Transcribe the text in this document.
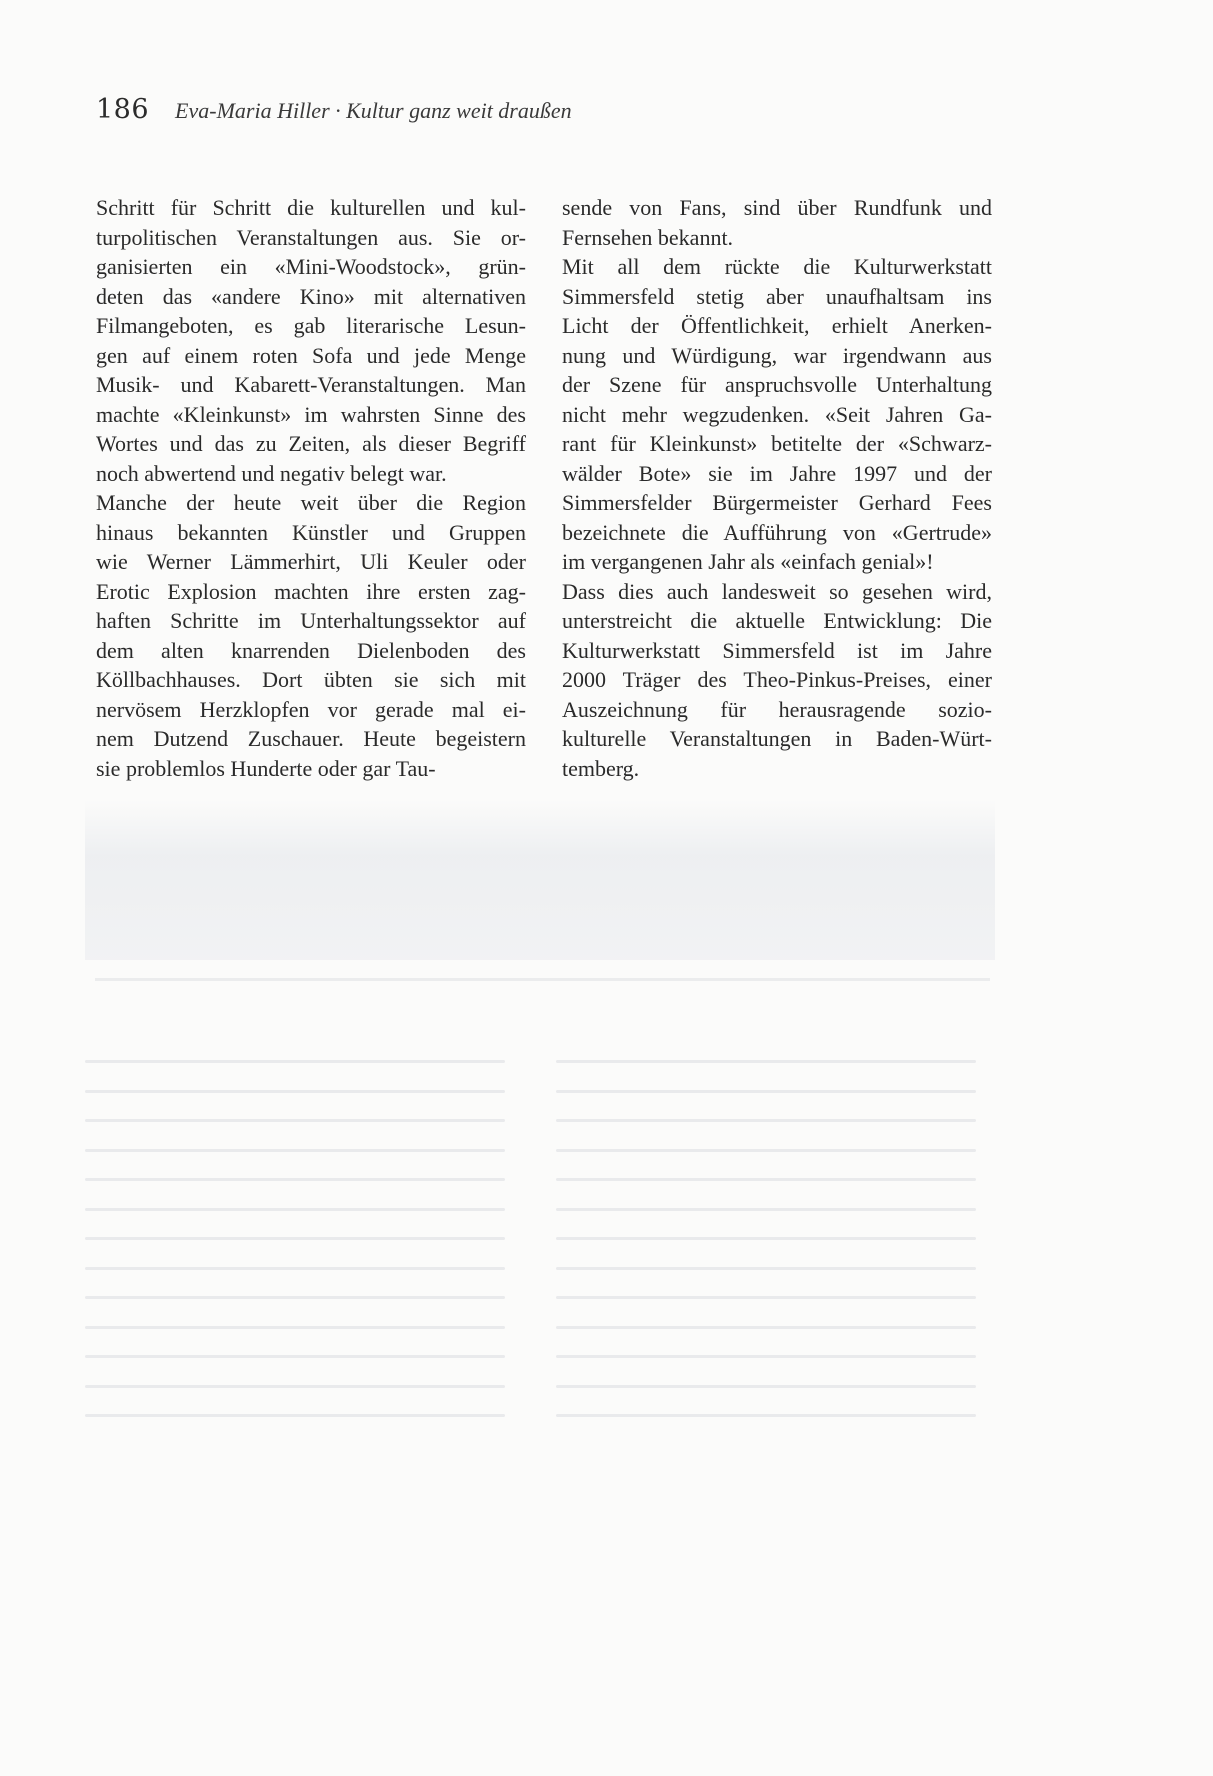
186 Eva-Maria Hiller · Kultur ganz weit draußen
Schritt für Schritt die kulturellen und kul-
turpolitischen Veranstaltungen aus. Sie or-
ganisierten ein «Mini-Woodstock», grün-
deten das «andere Kino» mit alternativen
Filmangeboten, es gab literarische Lesun-
gen auf einem roten Sofa und jede Menge
Musik- und Kabarett-Veranstaltungen. Man
machte «Kleinkunst» im wahrsten Sinne des
Wortes und das zu Zeiten, als dieser Begriff
noch abwertend und negativ belegt war.
Manche der heute weit über die Region
hinaus bekannten Künstler und Gruppen
wie Werner Lämmerhirt, Uli Keuler oder
Erotic Explosion machten ihre ersten zag-
haften Schritte im Unterhaltungssektor auf
dem alten knarrenden Dielenboden des
Köllbachhauses. Dort übten sie sich mit
nervösem Herzklopfen vor gerade mal ei-
nem Dutzend Zuschauer. Heute begeistern
sie problemlos Hunderte oder gar Tau-
sende von Fans, sind über Rundfunk und
Fernsehen bekannt.
Mit all dem rückte die Kulturwerkstatt
Simmersfeld stetig aber unaufhaltsam ins
Licht der Öffentlichkeit, erhielt Anerken-
nung und Würdigung, war irgendwann aus
der Szene für anspruchsvolle Unterhaltung
nicht mehr wegzudenken. «Seit Jahren Ga-
rant für Kleinkunst» betitelte der «Schwarz-
wälder Bote» sie im Jahre 1997 und der
Simmersfelder Bürgermeister Gerhard Fees
bezeichnete die Aufführung von «Gertrude»
im vergangenen Jahr als «einfach genial»!
Dass dies auch landesweit so gesehen wird,
unterstreicht die aktuelle Entwicklung: Die
Kulturwerkstatt Simmersfeld ist im Jahre
2000 Träger des Theo-Pinkus-Preises, einer
Auszeichnung für herausragende sozio-
kulturelle Veranstaltungen in Baden-Würt-
temberg.
